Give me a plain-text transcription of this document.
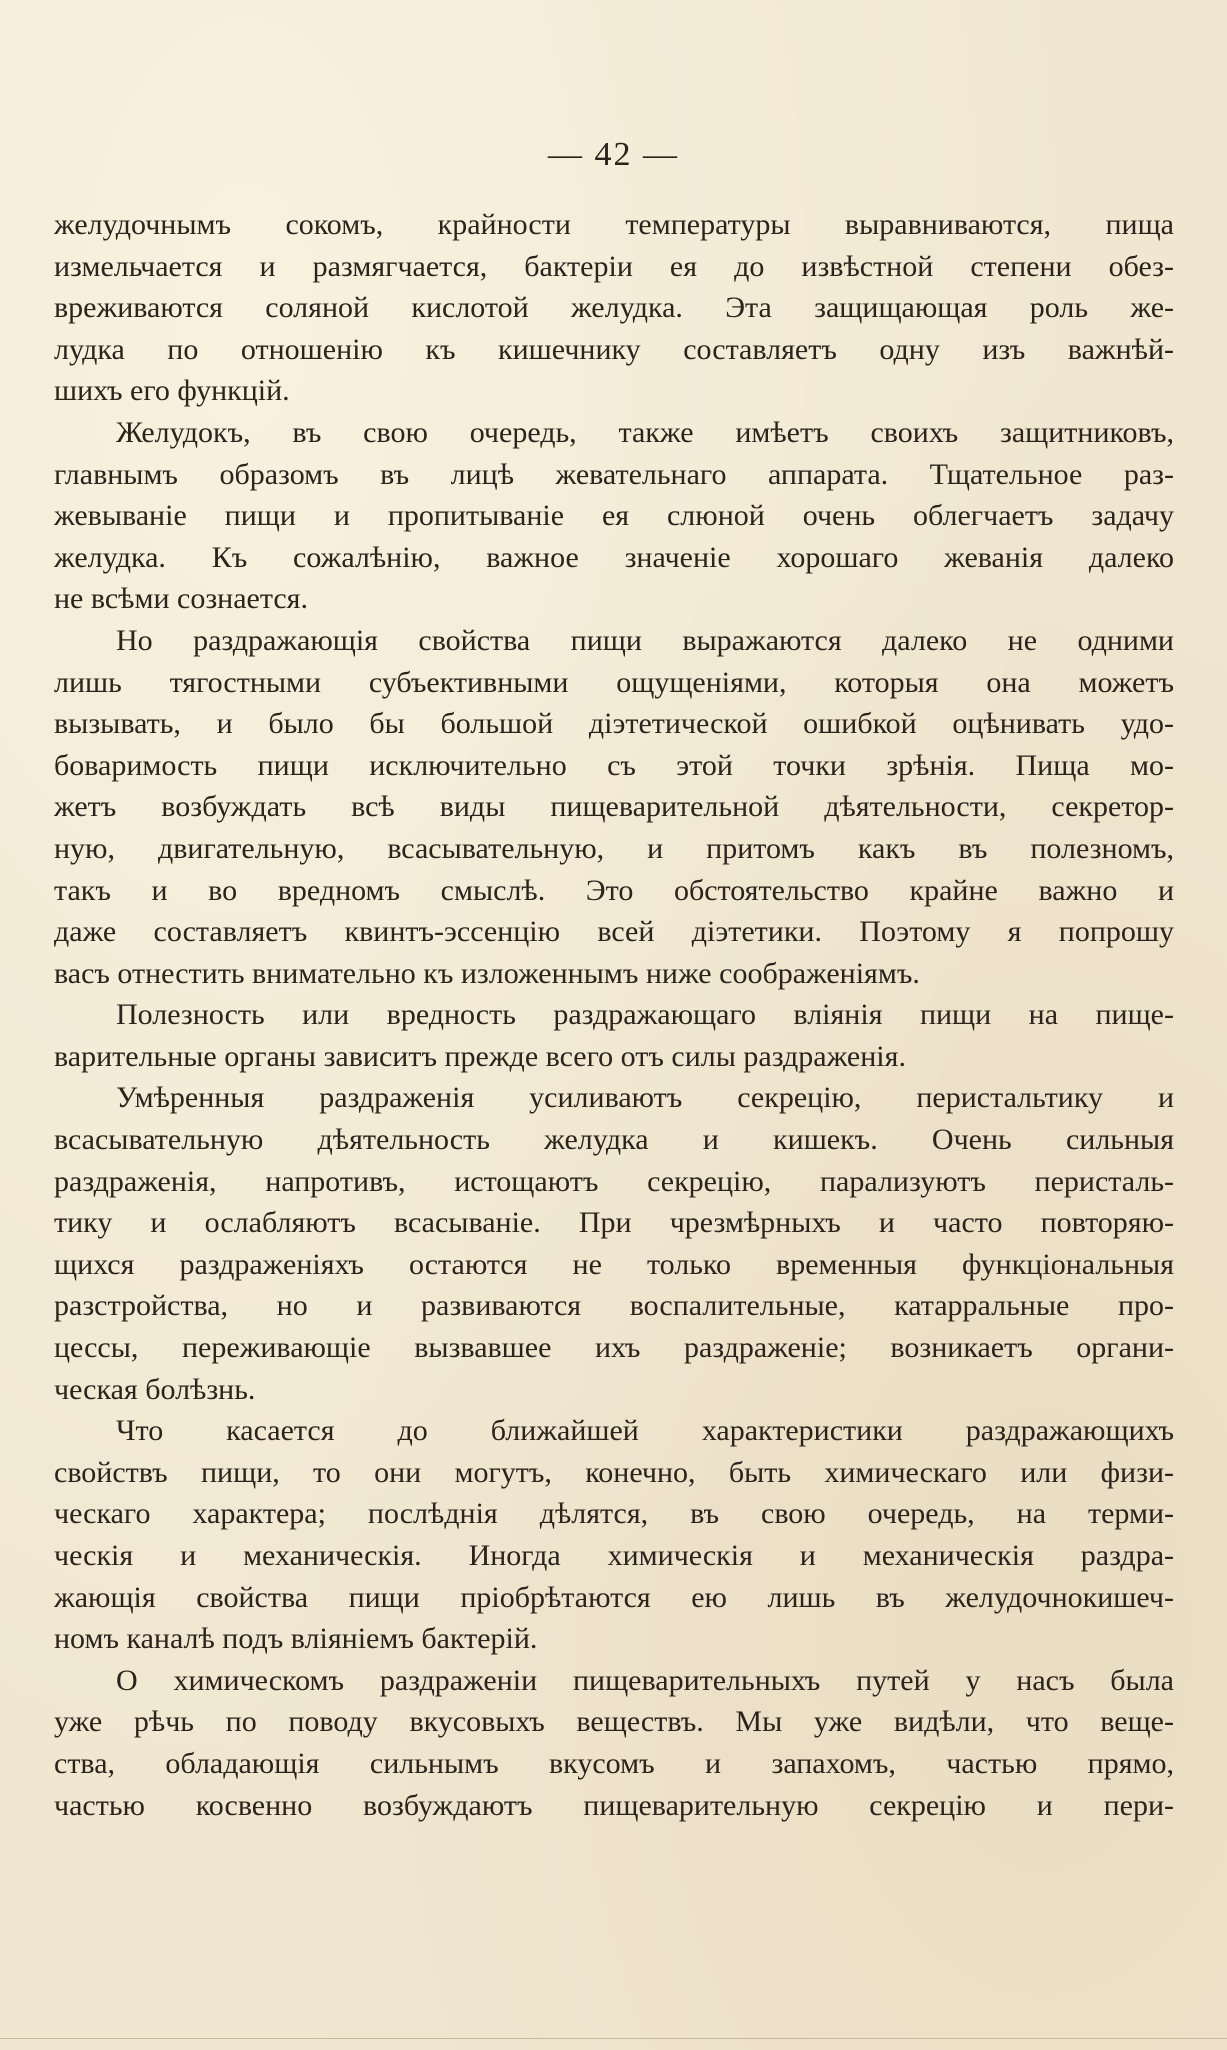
— 42 —
желудочнымъ сокомъ, крайности температуры выравниваются, пища
измельчается и размягчается, бактеріи ея до извѣстной степени обез-
вреживаются соляной кислотой желудка. Эта защищающая роль же-
лудка по отношенію къ кишечнику составляетъ одну изъ важнѣй-
шихъ его функцій.
Желудокъ, въ свою очередь, также имѣетъ своихъ защитниковъ,
главнымъ образомъ въ лицѣ жевательнаго аппарата. Тщательное раз-
жевываніе пищи и пропитываніе ея слюной очень облегчаетъ задачу
желудка. Къ сожалѣнію, важное значеніе хорошаго жеванія далеко
не всѣми сознается.
Но раздражающія свойства пищи выражаются далеко не одними
лишь тягостными субъективными ощущеніями, которыя она можетъ
вызывать, и было бы большой діэтетической ошибкой оцѣнивать удо-
боваримость пищи исключительно съ этой точки зрѣнія. Пища мо-
жетъ возбуждать всѣ виды пищеварительной дѣятельности, секретор-
ную, двигательную, всасывательную, и притомъ какъ въ полезномъ,
такъ и во вредномъ смыслѣ. Это обстоятельство крайне важно и
даже составляетъ квинтъ-эссенцію всей діэтетики. Поэтому я попрошу
васъ отнестить внимательно къ изложеннымъ ниже соображеніямъ.
Полезность или вредность раздражающаго вліянія пищи на пище-
варительные органы зависитъ прежде всего отъ силы раздраженія.
Умѣренныя раздраженія усиливаютъ секрецію, перистальтику и
всасывательную дѣятельность желудка и кишекъ. Очень сильныя
раздраженія, напротивъ, истощаютъ секрецію, парализуютъ перисталь-
тику и ослабляютъ всасываніе. При чрезмѣрныхъ и часто повторяю-
щихся раздраженіяхъ остаются не только временныя функціональныя
разстройства, но и развиваются воспалительные, катарральные про-
цессы, переживающіе вызвавшее ихъ раздраженіе; возникаетъ органи-
ческая болѣзнь.
Что касается до ближайшей характеристики раздражающихъ
свойствъ пищи, то они могутъ, конечно, быть химическаго или физи-
ческаго характера; послѣднія дѣлятся, въ свою очередь, на терми-
ческія и механическія. Иногда химическія и механическія раздра-
жающія свойства пищи пріобрѣтаются ею лишь въ желудочнокишеч-
номъ каналѣ подъ вліяніемъ бактерій.
О химическомъ раздраженіи пищеварительныхъ путей у насъ была
уже рѣчь по поводу вкусовыхъ веществъ. Мы уже видѣли, что веще-
ства, обладающія сильнымъ вкусомъ и запахомъ, частью прямо,
частью косвенно возбуждаютъ пищеварительную секрецію и пери-
